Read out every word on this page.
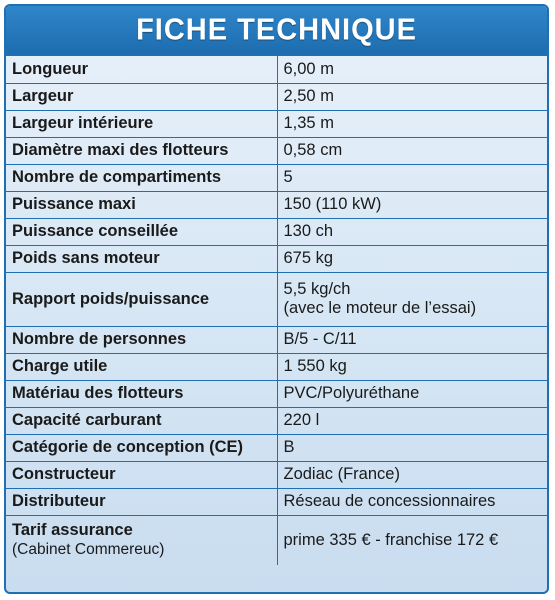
FICHE TECHNIQUE
Longueur	6,00 m
Largeur	2,50 m
Largeur intérieure	1,35 m
Diamètre maxi des flotteurs	0,58 cm
Nombre de compartiments	5
Puissance maxi	150 (110 kW)
Puissance conseillée	130 ch
Poids sans moteur	675 kg
Rapport poids/puissance	5,5 kg/ch
(avec le moteur de l’essai)

Nombre de personnes	B/5 - C/11
Charge utile	1 550 kg
Matériau des flotteurs	PVC/Polyuréthane
Capacité carburant	220 l
Catégorie de conception (CE)	B
Constructeur	Zodiac (France)
Distributeur	Réseau de concessionnaires

Tarif assurance
(Cabinet Commereuc)	prime 335 € - franchise 172 €
